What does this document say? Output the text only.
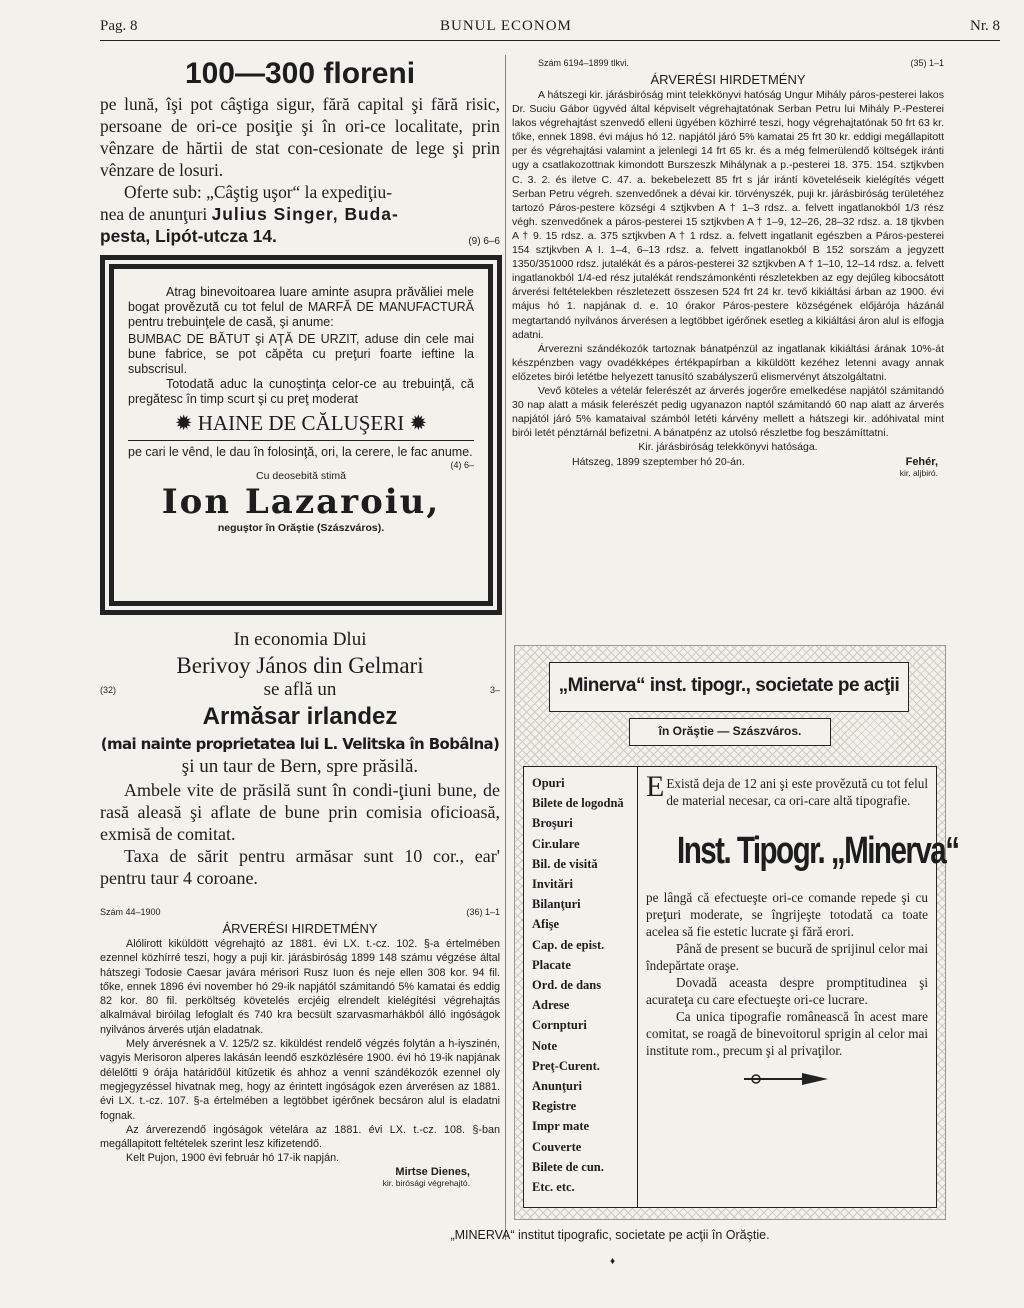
Pag. 8	BUNUL ECONOM	Nr. 8
100—300 floreni
pe lună, îşi pot câştiga sigur, fără capital şi fără risic, persoane de ori-ce posiţie şi în ori-ce localitate, prin vênzare de hărtii de stat con-cesionate de lege şi prin vênzare de losuri.
Oferte sub: „Câştig uşor“ la expediţiu-
nea de anunţuri Julius Singer, Buda-
pesta, Lipót-utcza 14.	(9) 6–6
Atrag binevoitoarea luare aminte asupra prăvăliei mele bogat provězută cu tot felul de MARFĂ DE MANUFACTURĂ pentru trebuinţele de casă, şi anume:
BUMBAC DE BĂTUT şi AŢĂ DE URZIT, aduse din cele mai bune fabrice, se pot căpěta cu preţuri foarte ieftine la subscrisul.
Totodată aduc la cunoştinţa celor-ce au trebuinţă, că pregătesc în timp scurt şi cu preţ moderat
✹ HAINE DE CĂLUŞERI ✹
pe cari le vênd, le dau în folosinţă, ori, la cerere, le fac anume.
(4) 6–
Cu deosebită stimă
Ion Lazaroiu,
neguştor în Orăştie (Szászváros).
In economia Dlui
Berivoy János din Gelmari
(32)	se află un	3–
Armăsar irlandez
(mai nainte proprietatea lui L. Velitska în Bobâlna)
şi un taur de Bern, spre prăsilă.
Ambele vite de prăsilă sunt în condi-ţiuni bune, de rasă aleasă şi aflate de bune prin comisia oficioasă, exmisă de comitat.
Taxa de sărit pentru armăsar sunt 10 cor., ear' pentru taur 4 coroane.
Szám 44–1900	(36) 1–1
ÁRVERÉSI HIRDETMÉNY
Alólirott kiküldött végrehajtó az 1881. évi LX. t.-cz. 102. §-a értelmében ezennel közhírré teszi, hogy a puji kir. járásbiróság 1899 148 számu végzése által hátszegi Todosie Caesar javára mérisori Rusz Iuon és neje ellen 308 kor. 94 fil. tőke, ennek 1896 évi november hó 29-ik napjától számitandó 5% kamatai és eddig 82 kor. 80 fil. perköltség követelés ercjéig elrendelt kielégítési végrehajtás alkalmával biróilag lefoglalt és 740 kra becsült szarvasmarhákból álló ingóságok nyilvános árverés utján eladatnak.
Mely árverésnek a V. 125/2 sz. kiküldést rendelő végzés folytán a h-iyszinén, vagyis Merisoron alperes lakásán leendő eszközlésére 1900. évi hó 19-ik napjának délelőtti 9 órája határidőül kitűzetik és ahhoz a venni szándékozók ezennel oly megjegyzéssel hivatnak meg, hogy az érintett ingóságok ezen árverésen az 1881. évi LX. t.-cz. 107. §-a értelmében a legtöbbet igérőnek becsáron alul is eladatni fognak.
Az árverezendő ingóságok vételára az 1881. évi LX. t.-cz. 108. §-ban megállapitott feltételek szerint lesz kifizetendő.
Kelt Pujon, 1900 évi február hó 17-ik napján.
Mirtse Dienes,
kir. birósági végrehajtó.
Szám 6194–1899 tlkvi.	(35) 1–1
ÁRVERÉSI HIRDETMÉNY
A hátszegi kir. járásbiróság mint telekkönyvi hatóság Ungur Mihály páros-pesterei lakos Dr. Suciu Gábor ügyvéd által képviselt végrehajtatónak Serban Petru lui Mihály P.-Pesterei lakos végrehajtást szenvedő elleni ügyében közhirré teszi, hogy végrehajtatónak 50 frt 63 kr. tőke, ennek 1898. évi május hó 12. napjától járó 5% kamatai 25 frt 30 kr. eddigi megállapitott per és végrehajtási valamint a jelenlegi 14 frt 65 kr. és a még felmerülendő költségek iránti ugy a csatlakozottnak kimondott Burszeszk Mihálynak a p.-pesterei 18. 375. 154. sztjkvben C. 3. 2. és iletve C. 47. a. bekebelezett 85 frt s jár irántí követeléseik kielégítés végett Serban Petru végreh. szenvedőnek a dévai kir. törvényszék, puji kr. járásbiróság területéhez tartozó Páros-pestere községi 4 sztjkvben A † 1–3 rdsz. a. felvett ingatlanokból 1/3 rész végh. szenvedőnek a páros-pesterei 15 sztjkvben A † 1–9, 12–26, 28–32 rdsz. a. 18 tjkvben A † 9. 15 rdsz. a. 375 sztjkvben A † 1 rdsz. a. felvett ingatlanit egészben a Páros-pesterei 154 sztjkvben A I. 1–4, 6–13 rdsz. a. felvett ingatlanokból B 152 sorszám a jegyzett 1350/351000 rdsz. jutalékát és a páros-pesterei 32 sztjkvben A † 1–10, 12–14 rdsz. a. felvett ingatlanokból 1/4-ed rész jutalékát rendszámonkénti részletekben az egy dejűleg kibocsátott árverési feltételekben részletezett összesen 524 frt 24 kr. tevő kikiáltási árban az 1900. évi május hó 1. napjának d. e. 10 órakor Páros-pestere községének előjárója házánál megtartandó nyilvános árverésen a legtöbbet igérőnek esetleg a kikiáltási áron alul is elfogja adatni.
Árverezni szándékozók tartoznak bánatpénzül az ingatlanak kikiáltási árának 10%-át készpénzben vagy ovadékképes értékpapírban a kiküldött kezéhez letenni avagy annak előzetes birói letétbe helyezett tanusító szabályszerű elismervényt átszolgáltatni.
Vevő köteles a vételár felerészét az árverés jogerőre emelkedése napjától számitandó 30 nap alatt a másik felerészét pedig ugyanazon naptól számitandó 60 nap alatt az árverés napjától járó 5% kamataival számból letéti kárvény mellett a hátszegi kir. adóhivatal mint birói letét pénztárnál befizetni. A bánatpénz az utolsó részletbe fog beszámíttatni.
Kir. járásbiróság telekkönyvi hatósága.
Hátszeg, 1899 szeptember hó 20-án.	Fehér,
kir. aljbiró.
„Minerva“ inst. tipogr., societate pe acţii
în Orăştie — Szászváros.
Opuri
Bilete de logodnă
Broşuri
Cir.ulare
Bil. de visită
Invitări
Bilanţuri
Afişe
Cap. de epist.
Placate
Ord. de dans
Adrese
Cornpturi
Note
Preţ-Curent.
Anunţuri
Registre
Impr mate
Couverte
Bilete de cun.
Etc. etc.
E Există deja de 12 ani şi este provězută cu tot felul de material necesar, ca ori-care altă tipografie.
Inst. Tipogr. „Minerva“
pe lângă că efectueşte ori-ce comande repede şi cu preţuri moderate, se îngrijeşte totodată ca toate acelea să fie estetic lucrate şi fără erori.
Până de present se bucură de sprijinul celor mai îndepărtate oraşe.
Dovadă aceasta despre promptitudinea şi acurateţa cu care efectueşte ori-ce lucrare.
Ca unica tipografie românească în acest mare comitat, se roagă de binevoitorul sprigin al celor mai institute rom., precum şi al privaţilor.
„MINERVA“ institut tipografic, societate pe acţii în Orăştie.
♦
